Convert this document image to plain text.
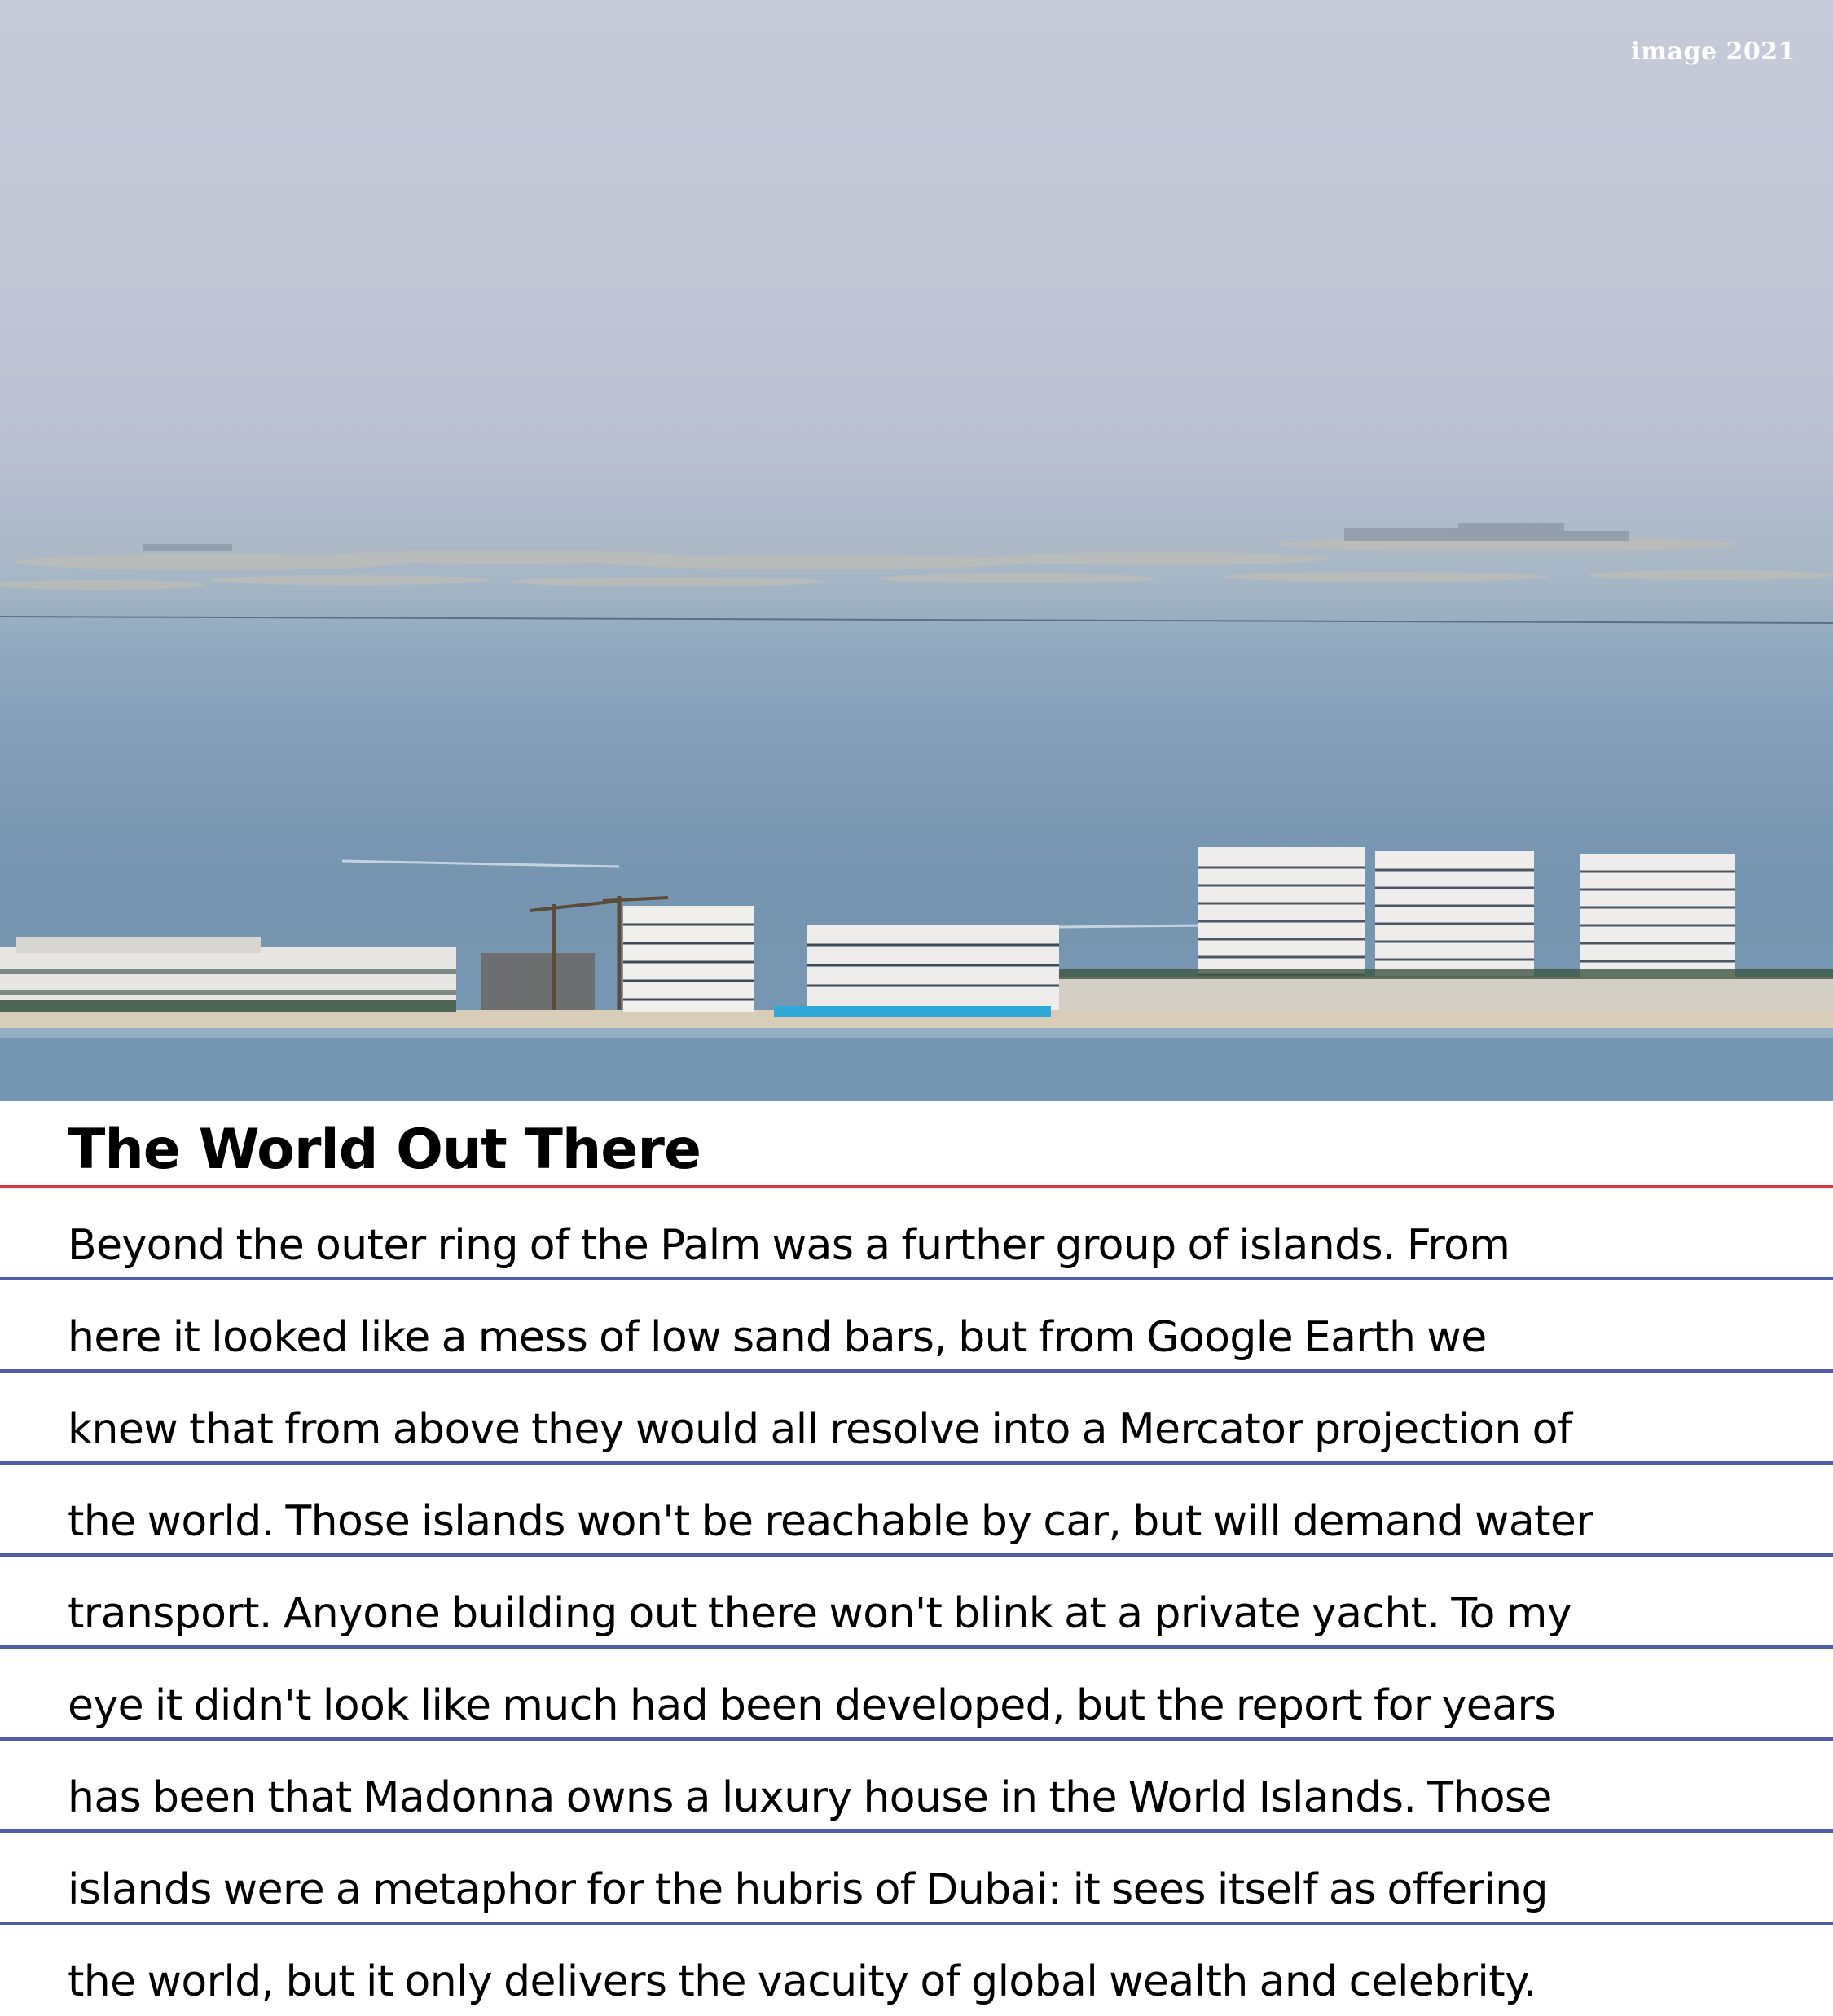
image 2021
The World Out There

Beyond the outer ring of the Palm was a further group of islands. From

here it looked like a mess of low sand bars, but from Google Earth we

knew that from above they would all resolve into a Mercator projection of

the world. Those islands won't be reachable by car, but will demand water

transport. Anyone building out there won't blink at a private yacht. To my

eye it didn't look like much had been developed, but the report for years

has been that Madonna owns a luxury house in the World Islands. Those

islands were a metaphor for the hubris of Dubai: it sees itself as offering

the world, but it only delivers the vacuity of global wealth and celebrity.
